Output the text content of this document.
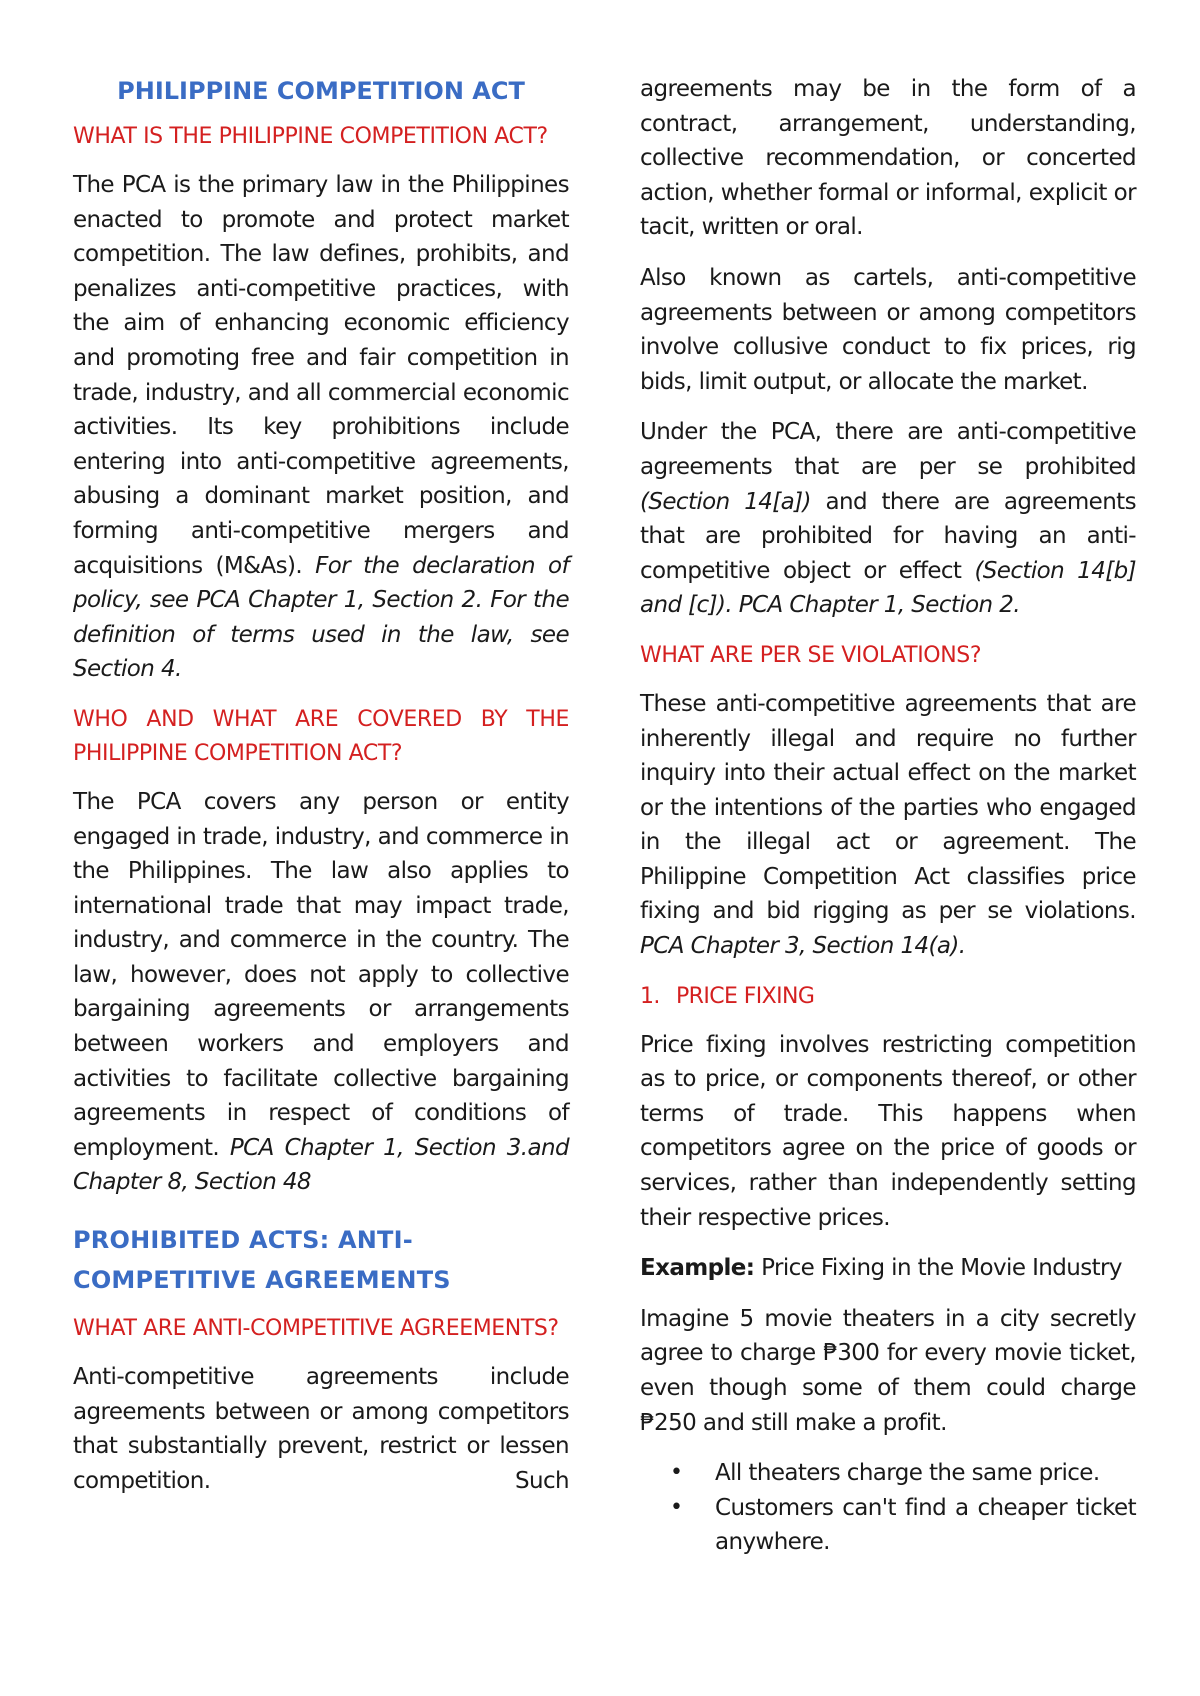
PHILIPPINE COMPETITION ACT
WHAT IS THE PHILIPPINE COMPETITION ACT?

The PCA is the primary law in the Philippines enacted to promote and protect market competition. The law defines, prohibits, and penalizes anti-competitive practices, with the aim of enhancing economic efficiency and promoting free and fair competition in trade, industry, and all commercial economic activities. Its key prohibitions include entering into anti-competitive agreements, abusing a dominant market position, and forming anti-competitive mergers and acquisitions (M&As). For the declaration of policy, see PCA Chapter 1, Section 2. For the definition of terms used in the law, see Section 4.

WHO AND WHAT ARE COVERED BY THE PHILIPPINE COMPETITION ACT?

The PCA covers any person or entity engaged in trade, industry, and commerce in the Philippines. The law also applies to international trade that may impact trade, industry, and commerce in the country. The law, however, does not apply to collective bargaining agreements or arrangements between workers and employers and activities to facilitate collective bargaining agreements in respect of conditions of employment. PCA Chapter 1, Section 3.and Chapter 8, Section 48

PROHIBITED ACTS: ANTI-COMPETITIVE AGREEMENTS
WHAT ARE ANTI-COMPETITIVE AGREEMENTS?

Anti-competitive agreements include agreements between or among competitors that substantially prevent, restrict or lessen competition. Such

agreements may be in the form of a contract, arrangement, understanding, collective recommendation, or concerted action, whether formal or informal, explicit or tacit, written or oral.

Also known as cartels, anti-competitive agreements between or among competitors involve collusive conduct to fix prices, rig bids, limit output, or allocate the market.

Under the PCA, there are anti-competitive agreements that are per se prohibited (Section 14[a]) and there are agreements that are prohibited for having an anti-competitive object or effect (Section 14[b] and [c]). PCA Chapter 1, Section 2.

WHAT ARE PER SE VIOLATIONS?

These anti-competitive agreements that are inherently illegal and require no further inquiry into their actual effect on the market or the intentions of the parties who engaged in the illegal act or agreement. The Philippine Competition Act classifies price fixing and bid rigging as per se violations. PCA Chapter 3, Section 14(a).

1. PRICE FIXING

Price fixing involves restricting competition as to price, or components thereof, or other terms of trade. This happens when competitors agree on the price of goods or services, rather than independently setting their respective prices.

Example: Price Fixing in the Movie Industry

Imagine 5 movie theaters in a city secretly agree to charge ₱300 for every movie ticket, even though some of them could charge ₱250 and still make a profit.

• All theaters charge the same price.
• Customers can't find a cheaper ticket anywhere.
